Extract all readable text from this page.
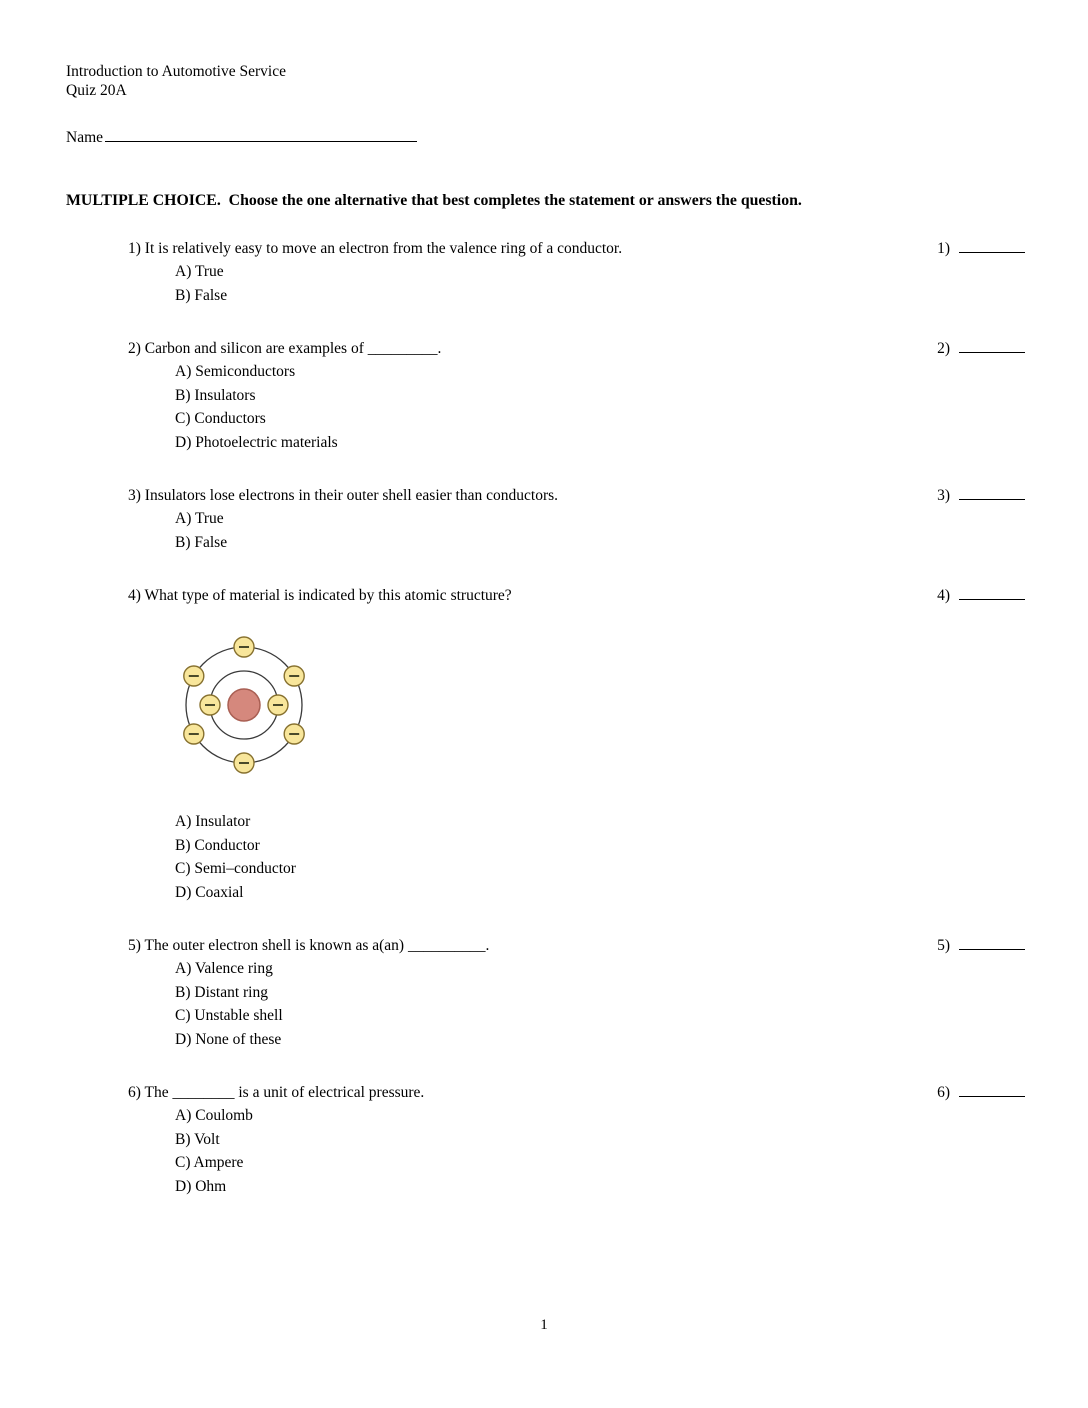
Introduction to Automotive Service
Quiz 20A
Name
MULTIPLE CHOICE.  Choose the one alternative that best completes the statement or answers the question.
1) It is relatively easy to move an electron from the valence ring of a conductor.	1)
A) True
B) False
2) Carbon and silicon are examples of _________.	2)
A) Semiconductors
B) Insulators
C) Conductors
D) Photoelectric materials
3) Insulators lose electrons in their outer shell easier than conductors.	3)
A) True
B) False
4) What type of material is indicated by this atomic structure?	4)
A) Insulator
B) Conductor
C) Semi–conductor
D) Coaxial
5) The outer electron shell is known as a(an) __________.	5)
A) Valence ring
B) Distant ring
C) Unstable shell
D) None of these
6) The ________ is a unit of electrical pressure.	6)
A) Coulomb
B) Volt
C) Ampere
D) Ohm
1
